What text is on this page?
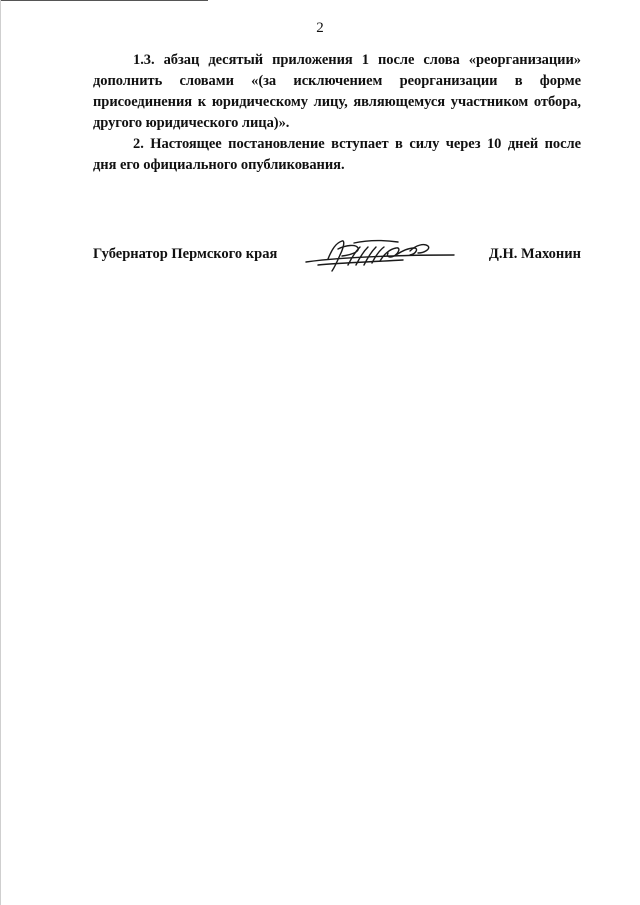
2

1.3. абзац десятый приложения 1 после слова «реорганизации» дополнить словами «(за исключением реорганизации в форме присоединения к юридическому лицу, являющемуся участником отбора, другого юридического лица)».

2. Настоящее постановление вступает в силу через 10 дней после дня его официального опубликования.

Губернатор Пермского края	Д.Н. Махонин
